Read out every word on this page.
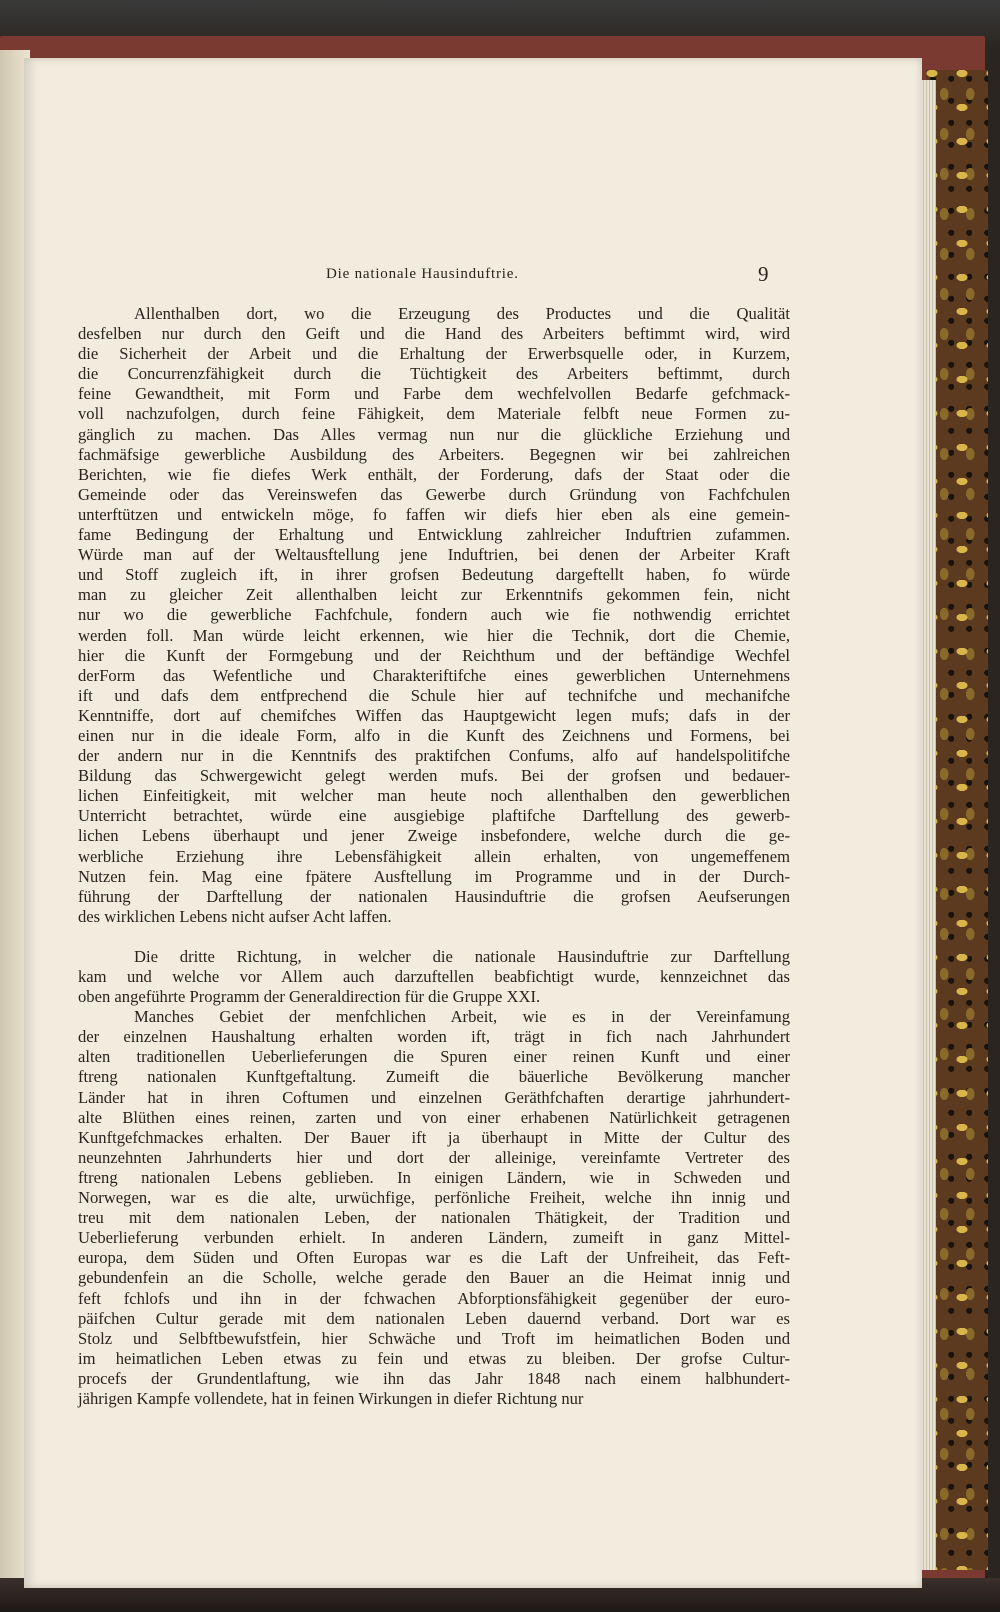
Die nationale Hausinduftrie.	9
Allenthalben dort, wo die Erzeugung des Productes und die Qualität
desfelben nur durch den Geift und die Hand des Arbeiters beftimmt wird, wird
die Sicherheit der Arbeit und die Erhaltung der Erwerbsquelle oder, in Kurzem,
die Concurrenzfähigkeit durch die Tüchtigkeit des Arbeiters beftimmt, durch
feine Gewandtheit, mit Form und Farbe dem wechfelvollen Bedarfe gefchmack-
voll nachzufolgen, durch feine Fähigkeit, dem Materiale felbft neue Formen zu-
gänglich zu machen. Das Alles vermag nun nur die glückliche Erziehung und
fachmäfsige gewerbliche Ausbildung des Arbeiters. Begegnen wir bei zahlreichen
Berichten, wie fie diefes Werk enthält, der Forderung, dafs der Staat oder die
Gemeinde oder das Vereinswefen das Gewerbe durch Gründung von Fachfchulen
unterftützen und entwickeln möge, fo faffen wir diefs hier eben als eine gemein-
fame Bedingung der Erhaltung und Entwicklung zahlreicher Induftrien zufammen.
Würde man auf der Weltausftellung jene Induftrien, bei denen der Arbeiter Kraft
und Stoff zugleich ift, in ihrer grofsen Bedeutung dargeftellt haben, fo würde
man zu gleicher Zeit allenthalben leicht zur Erkenntnifs gekommen fein, nicht
nur wo die gewerbliche Fachfchule, fondern auch wie fie nothwendig errichtet
werden foll. Man würde leicht erkennen, wie hier die Technik, dort die Chemie,
hier die Kunft der Formgebung und der Reichthum und der beftändige Wechfel
derForm das Wefentliche und Charakteriftifche eines gewerblichen Unternehmens
ift und dafs dem entfprechend die Schule hier auf technifche und mechanifche
Kenntniffe, dort auf chemifches Wiffen das Hauptgewicht legen mufs; dafs in der
einen nur in die ideale Form, alfo in die Kunft des Zeichnens und Formens, bei
der andern nur in die Kenntnifs des praktifchen Confums, alfo auf handelspolitifche
Bildung das Schwergewicht gelegt werden mufs. Bei der grofsen und bedauer-
lichen Einfeitigkeit, mit welcher man heute noch allenthalben den gewerblichen
Unterricht betrachtet, würde eine ausgiebige plaftifche Darftellung des gewerb-
lichen Lebens überhaupt und jener Zweige insbefondere, welche durch die ge-
werbliche Erziehung ihre Lebensfähigkeit allein erhalten, von ungemeffenem
Nutzen fein. Mag eine fpätere Ausftellung im Programme und in der Durch-
führung der Darftellung der nationalen Hausinduftrie die grofsen Aeufserungen
des wirklichen Lebens nicht aufser Acht laffen.
Die dritte Richtung, in welcher die nationale Hausinduftrie zur Darftellung
kam und welche vor Allem auch darzuftellen beabfichtigt wurde, kennzeichnet das
oben angeführte Programm der Generaldirection für die Gruppe XXI.
Manches Gebiet der menfchlichen Arbeit, wie es in der Vereinfamung
der einzelnen Haushaltung erhalten worden ift, trägt in fich nach Jahrhundert
alten traditionellen Ueberlieferungen die Spuren einer reinen Kunft und einer
ftreng nationalen Kunftgeftaltung. Zumeift die bäuerliche Bevölkerung mancher
Länder hat in ihren Coftumen und einzelnen Geräthfchaften derartige jahrhundert-
alte Blüthen eines reinen, zarten und von einer erhabenen Natürlichkeit getragenen
Kunftgefchmackes erhalten. Der Bauer ift ja überhaupt in Mitte der Cultur des
neunzehnten Jahrhunderts hier und dort der alleinige, vereinfamte Vertreter des
ftreng nationalen Lebens geblieben. In einigen Ländern, wie in Schweden und
Norwegen, war es die alte, urwüchfige, perfönliche Freiheit, welche ihn innig und
treu mit dem nationalen Leben, der nationalen Thätigkeit, der Tradition und
Ueberlieferung verbunden erhielt. In anderen Ländern, zumeift in ganz Mittel-
europa, dem Süden und Often Europas war es die Laft der Unfreiheit, das Feft-
gebundenfein an die Scholle, welche gerade den Bauer an die Heimat innig und
feft fchlofs und ihn in der fchwachen Abforptionsfähigkeit gegenüber der euro-
päifchen Cultur gerade mit dem nationalen Leben dauernd verband. Dort war es
Stolz und Selbftbewufstfein, hier Schwäche und Troft im heimatlichen Boden und
im heimatlichen Leben etwas zu fein und etwas zu bleiben. Der grofse Cultur-
procefs der Grundentlaftung, wie ihn das Jahr 1848 nach einem halbhundert-
jährigen Kampfe vollendete, hat in feinen Wirkungen in diefer Richtung nur
